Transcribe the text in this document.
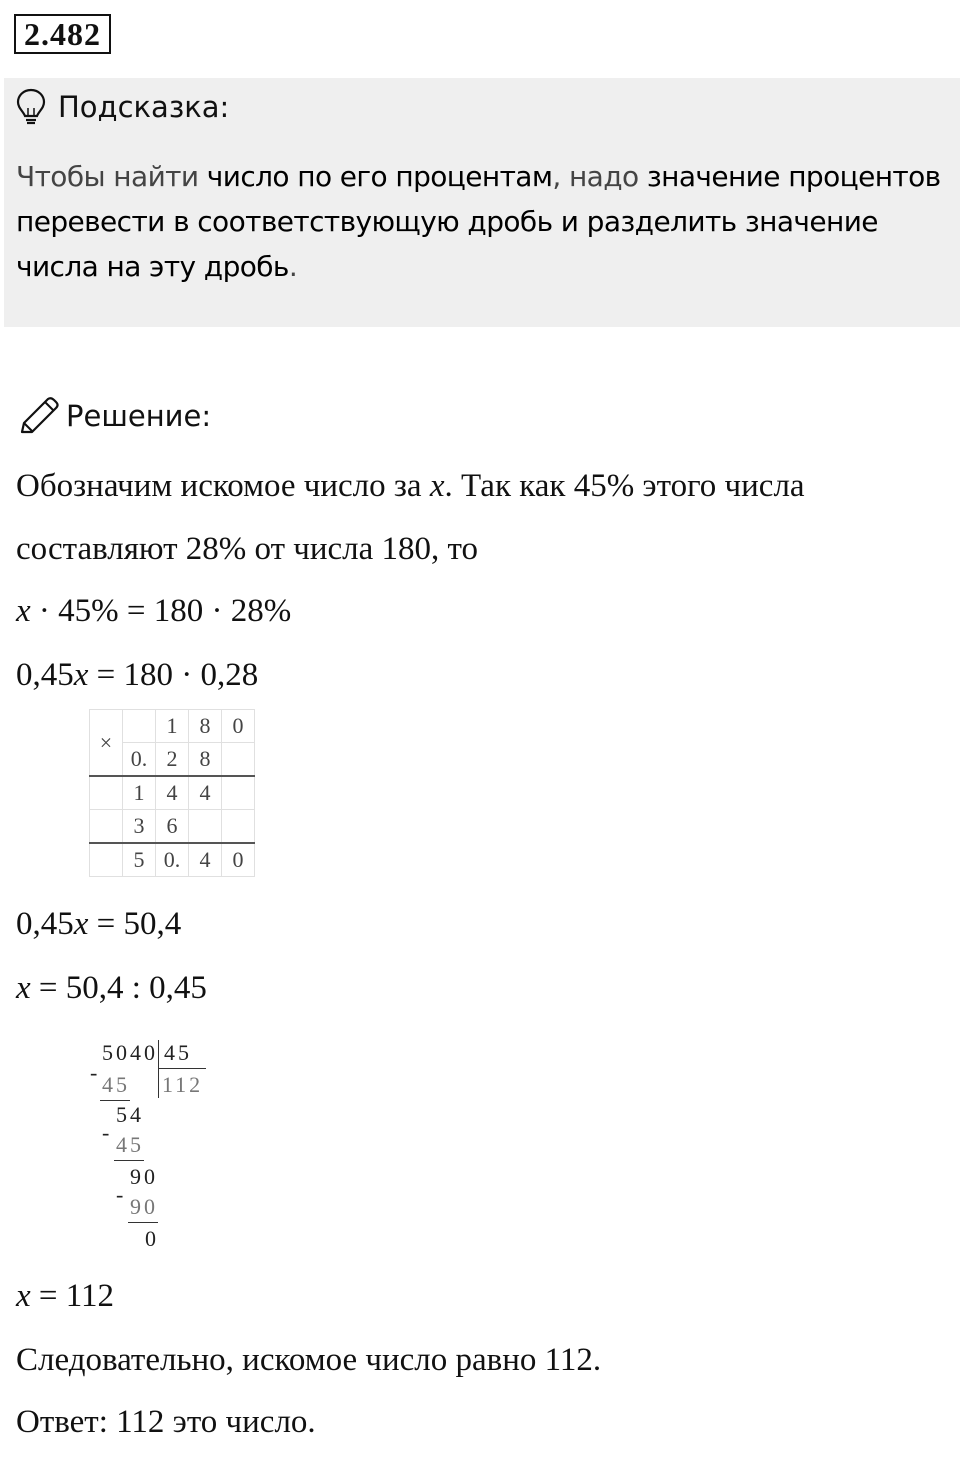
2.482
Подсказка:
Чтобы найти число по его процентам, надо значение процентов перевести в соответствующую дробь и разделить значение числа на эту дробь.
Решение:
Обозначим искомое число за x. Так как 45% этого числа
составляют 28% от числа 180, то
x · 45% = 180 · 28%
0,45x = 180 · 0,28
×		1	8	0
	0.	2	8	
	1	4	4	
	3	6		
	5	0.	4	0
0,45x = 50,4
x = 50,4 : 0,45
5040 45
112
- 45
54
- 45
90
- 90
0
x = 112
Следовательно, искомое число равно 112.
Ответ: 112 это число.
